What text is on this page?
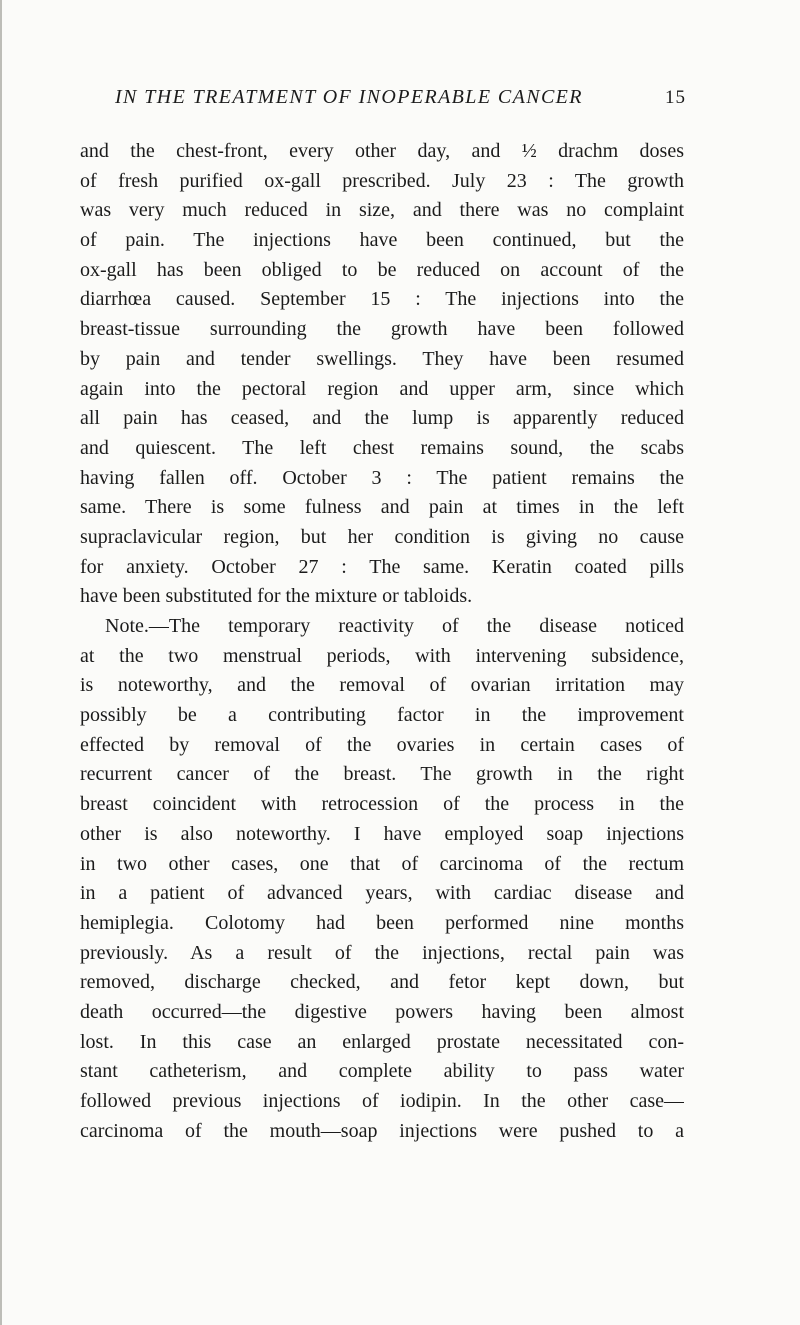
IN THE TREATMENT OF INOPERABLE CANCER	15
and the chest-front, every other day, and ½ drachm doses
of fresh purified ox-gall prescribed. July 23 : The growth
was very much reduced in size, and there was no complaint
of pain. The injections have been continued, but the
ox-gall has been obliged to be reduced on account of the
diarrhœa caused. September 15 : The injections into the
breast-tissue surrounding the growth have been followed
by pain and tender swellings. They have been resumed
again into the pectoral region and upper arm, since which
all pain has ceased, and the lump is apparently reduced
and quiescent. The left chest remains sound, the scabs
having fallen off. October 3 : The patient remains the
same. There is some fulness and pain at times in the left
supraclavicular region, but her condition is giving no cause
for anxiety. October 27 : The same. Keratin coated pills
have been substituted for the mixture or tabloids.
Note.—The temporary reactivity of the disease noticed
at the two menstrual periods, with intervening subsidence,
is noteworthy, and the removal of ovarian irritation may
possibly be a contributing factor in the improvement
effected by removal of the ovaries in certain cases of
recurrent cancer of the breast. The growth in the right
breast coincident with retrocession of the process in the
other is also noteworthy. I have employed soap injections
in two other cases, one that of carcinoma of the rectum
in a patient of advanced years, with cardiac disease and
hemiplegia. Colotomy had been performed nine months
previously. As a result of the injections, rectal pain was
removed, discharge checked, and fetor kept down, but
death occurred—the digestive powers having been almost
lost. In this case an enlarged prostate necessitated con-
stant catheterism, and complete ability to pass water
followed previous injections of iodipin. In the other case—
carcinoma of the mouth—soap injections were pushed to a
